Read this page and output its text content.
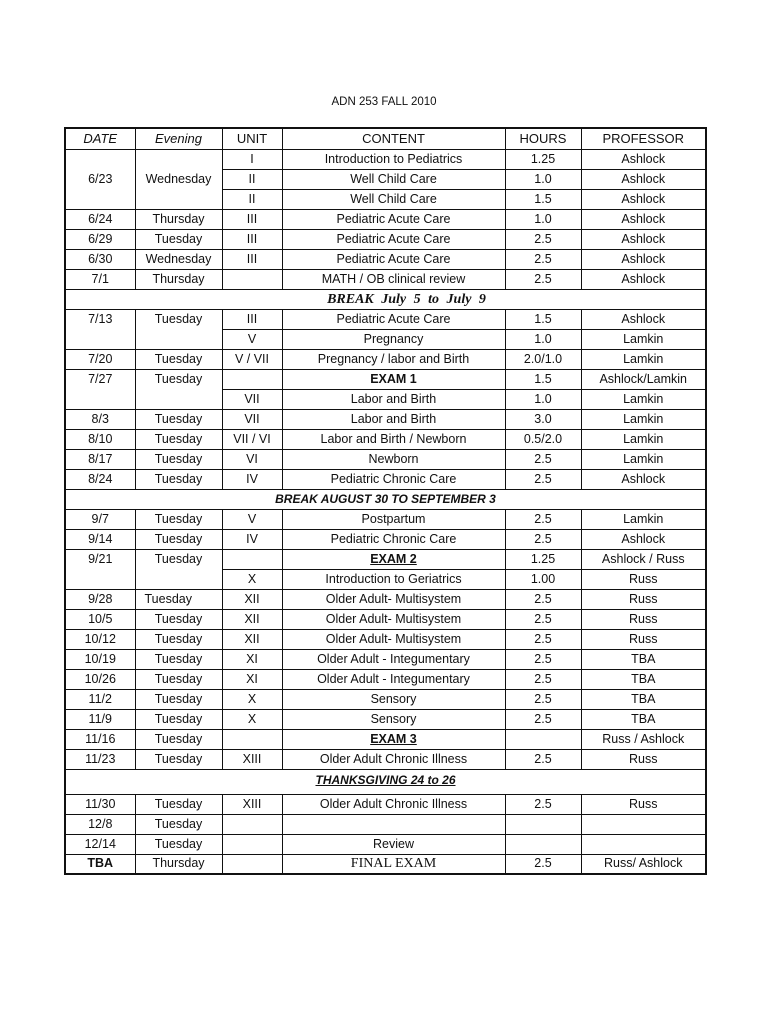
ADN 253 FALL 2010
DATE	Evening	UNIT	CONTENT	HOURS	PROFESSOR
6/23	Wednesday	I	Introduction to Pediatrics	1.25	Ashlock
		II	Well Child Care	1.0	Ashlock
		II	Well Child Care	1.5	Ashlock
6/24	Thursday	III	Pediatric Acute Care	1.0	Ashlock
6/29	Tuesday	III	Pediatric Acute Care	2.5	Ashlock
6/30	Wednesday	III	Pediatric Acute Care	2.5	Ashlock
7/1	Thursday		MATH / OB clinical review	2.5	Ashlock
BREAK July 5 to July 9					
7/13	Tuesday	III	Pediatric Acute Care	1.5	Ashlock
		V	Pregnancy	1.0	Lamkin
7/20	Tuesday	V / VII	Pregnancy / labor and Birth	2.0/1.0	Lamkin
7/27	Tuesday		EXAM 1	1.5	Ashlock/Lamkin
		VII	Labor and Birth	1.0	Lamkin
8/3	Tuesday	VII	Labor and Birth	3.0	Lamkin
8/10	Tuesday	VII / VI	Labor and Birth / Newborn	0.5/2.0	Lamkin
8/17	Tuesday	VI	Newborn	2.5	Lamkin
8/24	Tuesday	IV	Pediatric Chronic Care	2.5	Ashlock
BREAK AUGUST 30 TO SEPTEMBER 3					
9/7	Tuesday	V	Postpartum	2.5	Lamkin
9/14	Tuesday	IV	Pediatric Chronic Care	2.5	Ashlock
9/21	Tuesday		EXAM 2	1.25	Ashlock / Russ
		X	Introduction to Geriatrics	1.00	Russ
9/28	Tuesday	XII	Older Adult- Multisystem	2.5	Russ
10/5	Tuesday	XII	Older Adult- Multisystem	2.5	Russ
10/12	Tuesday	XII	Older Adult- Multisystem	2.5	Russ
10/19	Tuesday	XI	Older Adult - Integumentary	2.5	TBA
10/26	Tuesday	XI	Older Adult - Integumentary	2.5	TBA
11/2	Tuesday	X	Sensory	2.5	TBA
11/9	Tuesday	X	Sensory	2.5	TBA
11/16	Tuesday		EXAM 3		Russ / Ashlock
11/23	Tuesday	XIII	Older Adult Chronic Illness	2.5	Russ
THANKSGIVING 24 to 26					
11/30	Tuesday	XIII	Older Adult Chronic Illness	2.5	Russ
12/8	Tuesday				
12/14	Tuesday		Review		
TBA	Thursday		FINAL EXAM	2.5	Russ/ Ashlock
